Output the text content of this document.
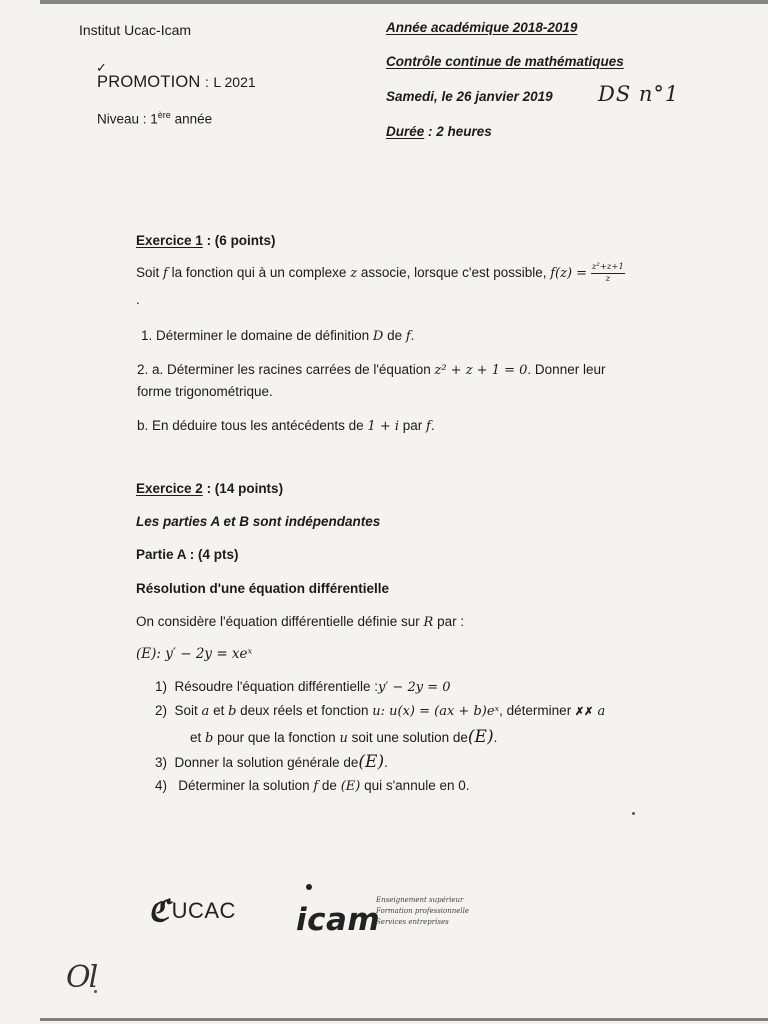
Institut Ucac-Icam
✓
PROMOTION : L 2021
Niveau : 1ère année
Année académique 2018-2019
Contrôle continue de mathématiques
Samedi, le 26 janvier 2019
Durée : 2 heures
DS n°1
Exercice 1 : (6 points)
Soit f la fonction qui à un complexe z associe, lorsque c'est possible, $f(z) = \frac{\text{z²+z+1}}{z}$
.
1. Déterminer le domaine de définition D de f.
2. a. Déterminer les racines carrées de l'équation z² + z + 1 = 0. Donner leur
forme trigonométrique.
b. En déduire tous les antécédents de 1 + i par f.
Exercice 2 : (14 points)
Les parties A et B sont indépendantes
Partie A : (4 pts)
Résolution d'une équation différentielle
On considère l'équation différentielle définie sur R par :
(E): y′ − 2y = xeˣ
1) Résoudre l'équation différentielle :y′ − 2y = 0
2) Soit a et b deux réels et fonction u: u(x) = (ax + b)eˣ, déterminer ✗✗ a
et b pour que la fonction u soit une solution de(E).
3) Donner la solution générale de(E).
4) Déterminer la solution f de (E) qui s'annule en 0.
ℭUCAC icam
Enseignement supérieur
Formation professionnelle
Services entreprises
Ol
